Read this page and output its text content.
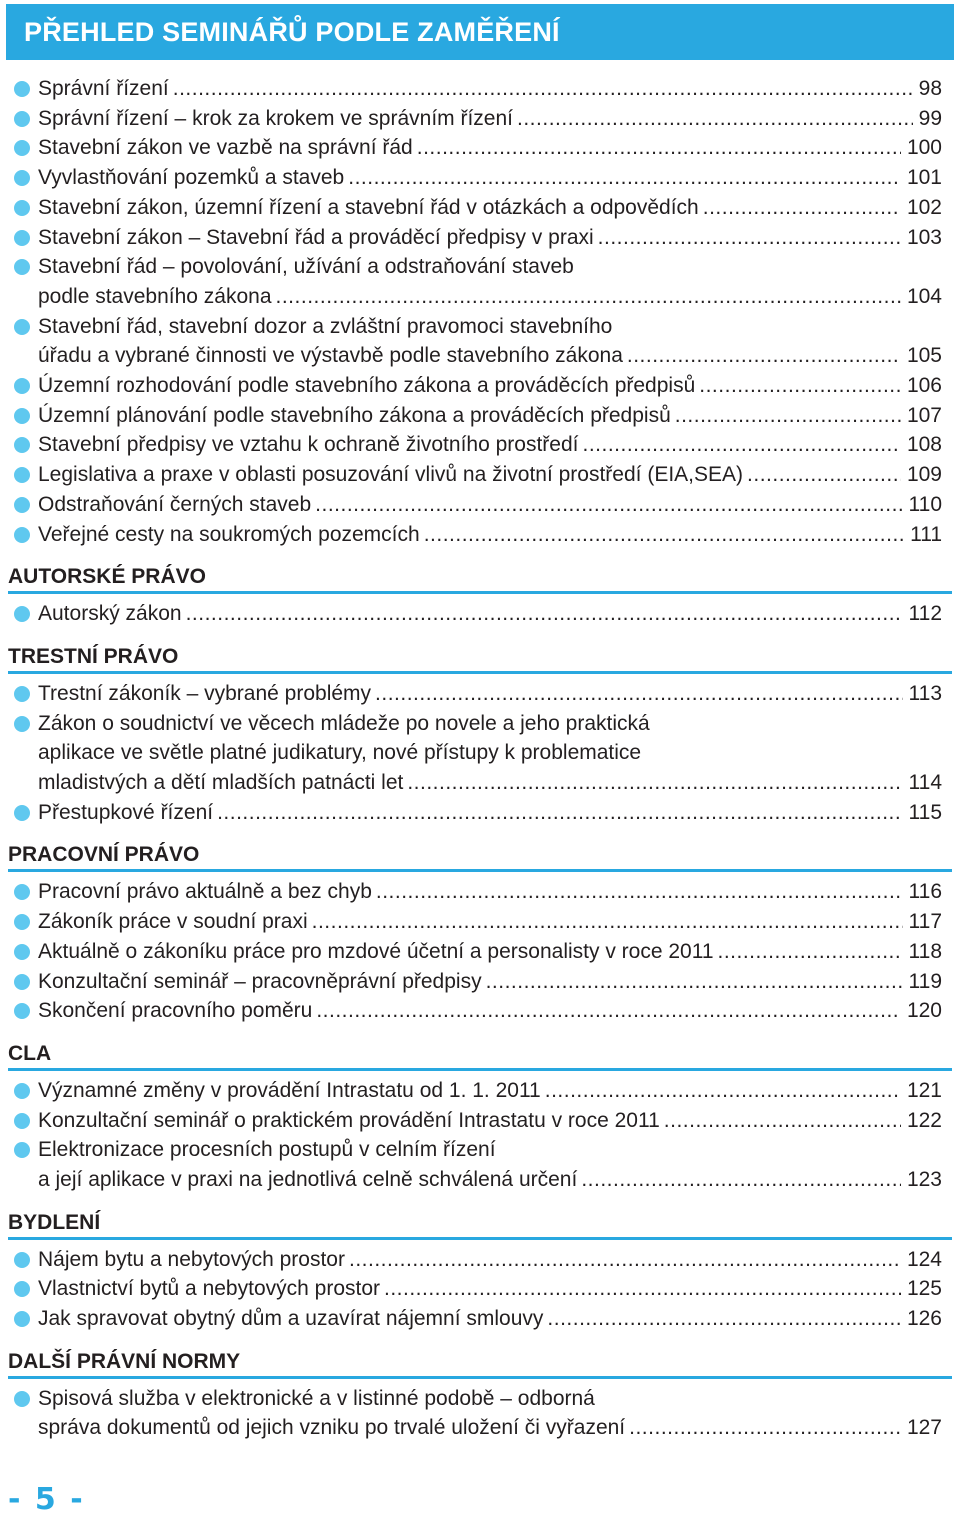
PŘEHLED SEMINÁŘŮ PODLE ZAMĚŘENÍ
Správní řízení .....	98
Správní řízení – krok za krokem ve správním řízení .....	99
Stavební zákon ve vazbě na správní řád .....	100
Vyvlastňování pozemků a staveb .....	101
Stavební zákon, územní řízení a stavební řád v otázkách a odpovědích .....	102
Stavební zákon – Stavební řád a prováděcí předpisy v praxi .....	103
Stavební řád – povolování, užívání a odstraňování staveb
podle stavebního zákona .....	104
Stavební řád, stavební dozor a zvláštní pravomoci stavebního
úřadu a vybrané činnosti ve výstavbě podle stavebního zákona .....	105
Územní rozhodování podle stavebního zákona a prováděcích předpisů .....	106
Územní plánování podle stavebního zákona a prováděcích předpisů .....	107
Stavební předpisy ve vztahu k ochraně životního prostředí .....	108
Legislativa a praxe v oblasti posuzování vlivů na životní prostředí (EIA,SEA) .....	109
Odstraňování černých staveb .....	110
Veřejné cesty na soukromých pozemcích .....	111
AUTORSKÉ PRÁVO
Autorský zákon .....	112
TRESTNÍ PRÁVO
Trestní zákoník – vybrané problémy .....	113
Zákon o soudnictví ve věcech mládeže po novele a jeho praktická
aplikace ve světle platné judikatury, nové přístupy k problematice
mladistvých a dětí mladších patnácti let .....	114
Přestupkové řízení .....	115
PRACOVNÍ PRÁVO
Pracovní právo aktuálně a bez chyb .....	116
Zákoník práce v soudní praxi .....	117
Aktuálně o zákoníku práce pro mzdové účetní a personalisty v roce 2011 .....	118
Konzultační seminář – pracovněprávní předpisy .....	119
Skončení pracovního poměru .....	120
CLA
Významné změny v provádění Intrastatu od 1. 1. 2011 .....	121
Konzultační seminář o praktickém provádění Intrastatu v roce 2011 .....	122
Elektronizace procesních postupů v celním řízení
a její aplikace v praxi na jednotlivá celně schválená určení .....	123
BYDLENÍ
Nájem bytu a nebytových prostor .....	124
Vlastnictví bytů a nebytových prostor .....	125
Jak spravovat obytný dům a uzavírat nájemní smlouvy .....	126
DALŠÍ PRÁVNÍ NORMY
Spisová služba v elektronické a v listinné podobě – odborná
správa dokumentů od jejich vzniku po trvalé uložení či vyřazení .....	127
- 5 -
